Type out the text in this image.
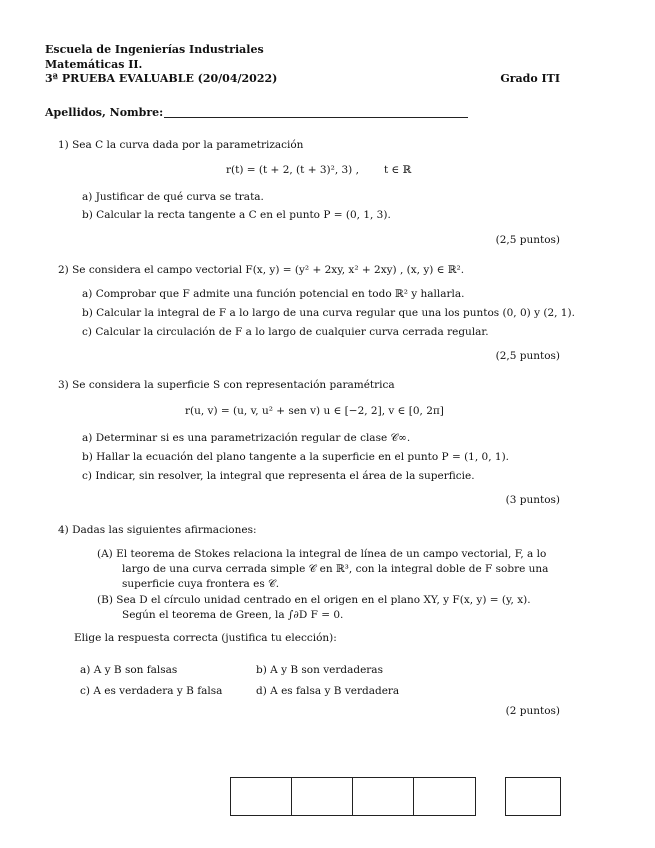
Escuela de Ingenierías Industriales
Matemáticas II.
3ª PRUEBA EVALUABLE (20/04/2022)	Grado ITI
Apellidos, Nombre:
1) Sea C la curva dada por la parametrización
r(t) = (t + 2, (t + 3)², 3) , t ∈ ℝ
a) Justificar de qué curva se trata.
b) Calcular la recta tangente a C en el punto P = (0, 1, 3).
(2,5 puntos)
2) Se considera el campo vectorial F(x, y) = (y² + 2xy, x² + 2xy) , (x, y) ∈ ℝ².
a) Comprobar que F admite una función potencial en todo ℝ² y hallarla.
b) Calcular la integral de F a lo largo de una curva regular que una los puntos (0, 0) y (2, 1).
c) Calcular la circulación de F a lo largo de cualquier curva cerrada regular.
(2,5 puntos)
3) Se considera la superficie S con representación paramétrica
r(u, v) = (u, v, u² + sen v) u ∈ [−2, 2], v ∈ [0, 2π]
a) Determinar si es una parametrización regular de clase 𝒞∞.
b) Hallar la ecuación del plano tangente a la superficie en el punto P = (1, 0, 1).
c) Indicar, sin resolver, la integral que representa el área de la superficie.
(3 puntos)
4) Dadas las siguientes afirmaciones:
(A) El teorema de Stokes relaciona la integral de línea de un campo vectorial, F, a lo
largo de una curva cerrada simple 𝒞 en ℝ³, con la integral doble de F sobre una
superficie cuya frontera es 𝒞.
(B) Sea D el círculo unidad centrado en el origen en el plano XY, y F(x, y) = (y, x).
Según el teorema de Green, la ∫∂D F = 0.
Elige la respuesta correcta (justifica tu elección):
a) A y B son falsas	b) A y B son verdaderas
c) A es verdadera y B falsa	d) A es falsa y B verdadera
(2 puntos)
